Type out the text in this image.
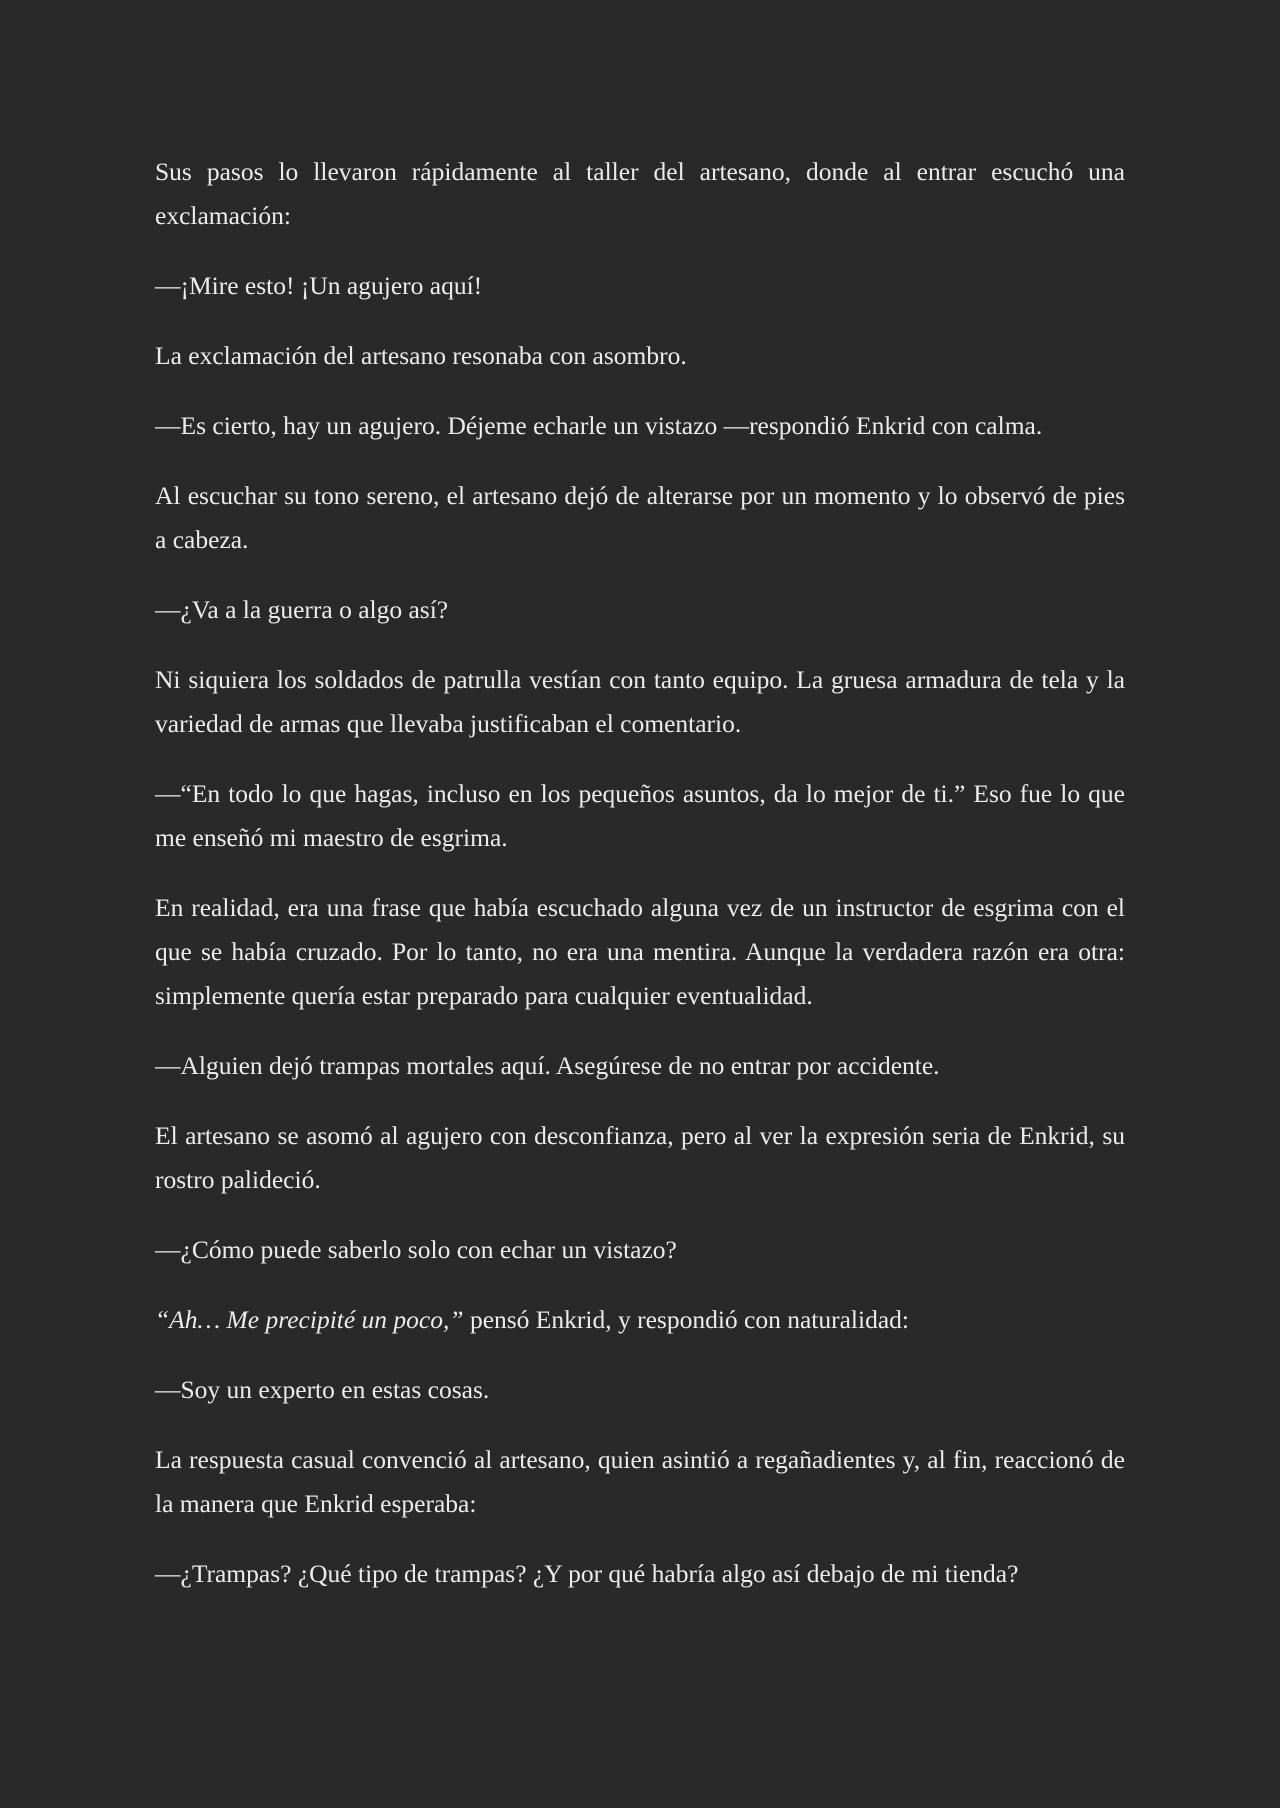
Sus pasos lo llevaron rápidamente al taller del artesano, donde al entrar escuchó una exclamación:

—¡Mire esto! ¡Un agujero aquí!

La exclamación del artesano resonaba con asombro.

—Es cierto, hay un agujero. Déjeme echarle un vistazo —respondió Enkrid con calma.

Al escuchar su tono sereno, el artesano dejó de alterarse por un momento y lo observó de pies a cabeza.

—¿Va a la guerra o algo así?

Ni siquiera los soldados de patrulla vestían con tanto equipo. La gruesa armadura de tela y la variedad de armas que llevaba justificaban el comentario.

—“En todo lo que hagas, incluso en los pequeños asuntos, da lo mejor de ti.” Eso fue lo que me enseñó mi maestro de esgrima.

En realidad, era una frase que había escuchado alguna vez de un instructor de esgrima con el que se había cruzado. Por lo tanto, no era una mentira. Aunque la verdadera razón era otra: simplemente quería estar preparado para cualquier eventualidad.

—Alguien dejó trampas mortales aquí. Asegúrese de no entrar por accidente.

El artesano se asomó al agujero con desconfianza, pero al ver la expresión seria de Enkrid, su rostro palideció.

—¿Cómo puede saberlo solo con echar un vistazo?

“Ah… Me precipité un poco,” pensó Enkrid, y respondió con naturalidad:

—Soy un experto en estas cosas.

La respuesta casual convenció al artesano, quien asintió a regañadientes y, al fin, reaccionó de la manera que Enkrid esperaba:

—¿Trampas? ¿Qué tipo de trampas? ¿Y por qué habría algo así debajo de mi tienda?
